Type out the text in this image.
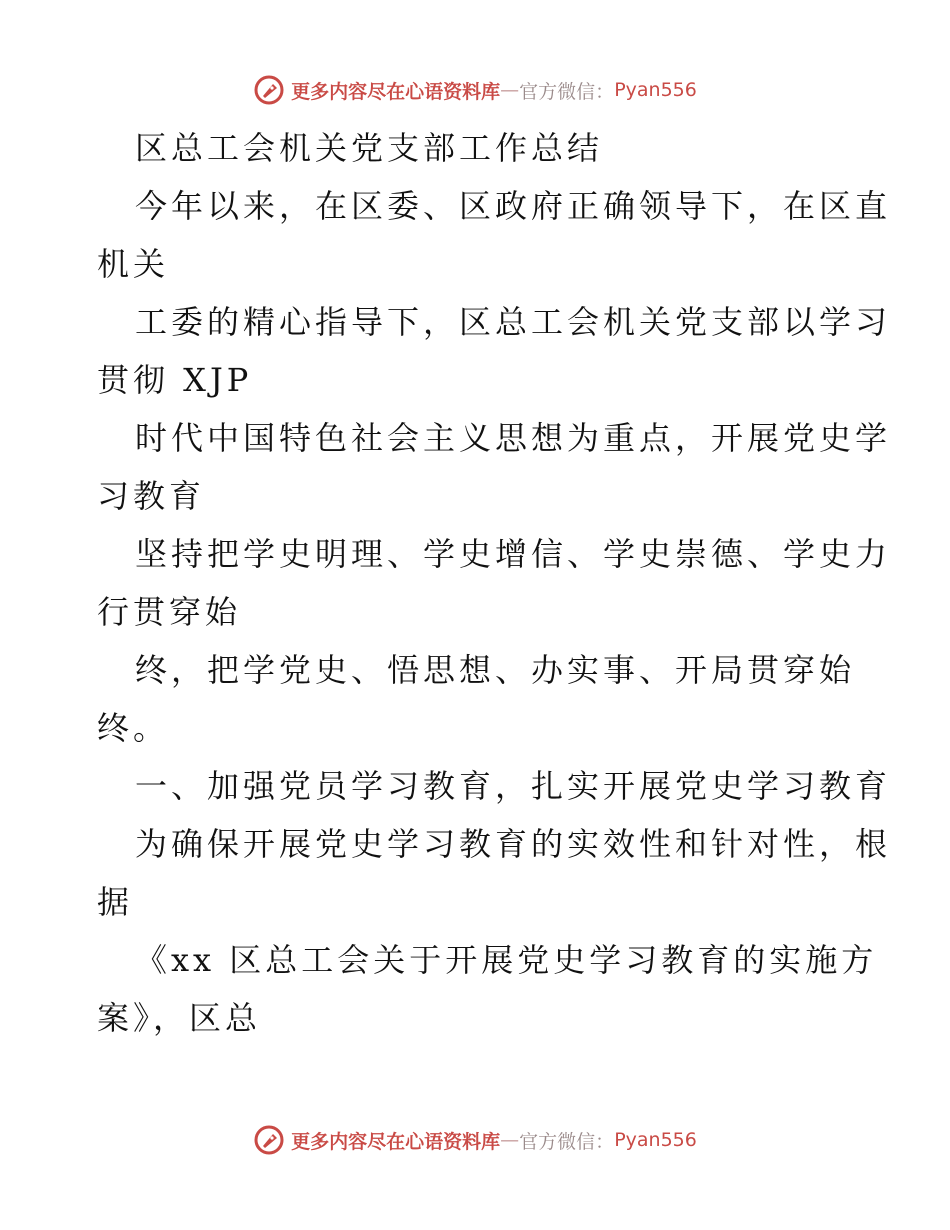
更多内容尽在心语资料库 — 官方微信： Pyan556
区总工会机关党支部工作总结
今年以来，在区委、区政府正确领导下，在区直
机关
工委的精心指导下，区总工会机关党支部以学习
贯彻 XJP
时代中国特色社会主义思想为重点，开展党史学
习教育
坚持把学史明理、学史增信、学史崇德、学史力
行贯穿始
终，把学党史、悟思想、办实事、开局贯穿始
终。
一、加强党员学习教育，扎实开展党史学习教育
为确保开展党史学习教育的实效性和针对性，根
据
《xx 区总工会关于开展党史学习教育的实施方
案》，区总
更多内容尽在心语资料库 — 官方微信： Pyan556
